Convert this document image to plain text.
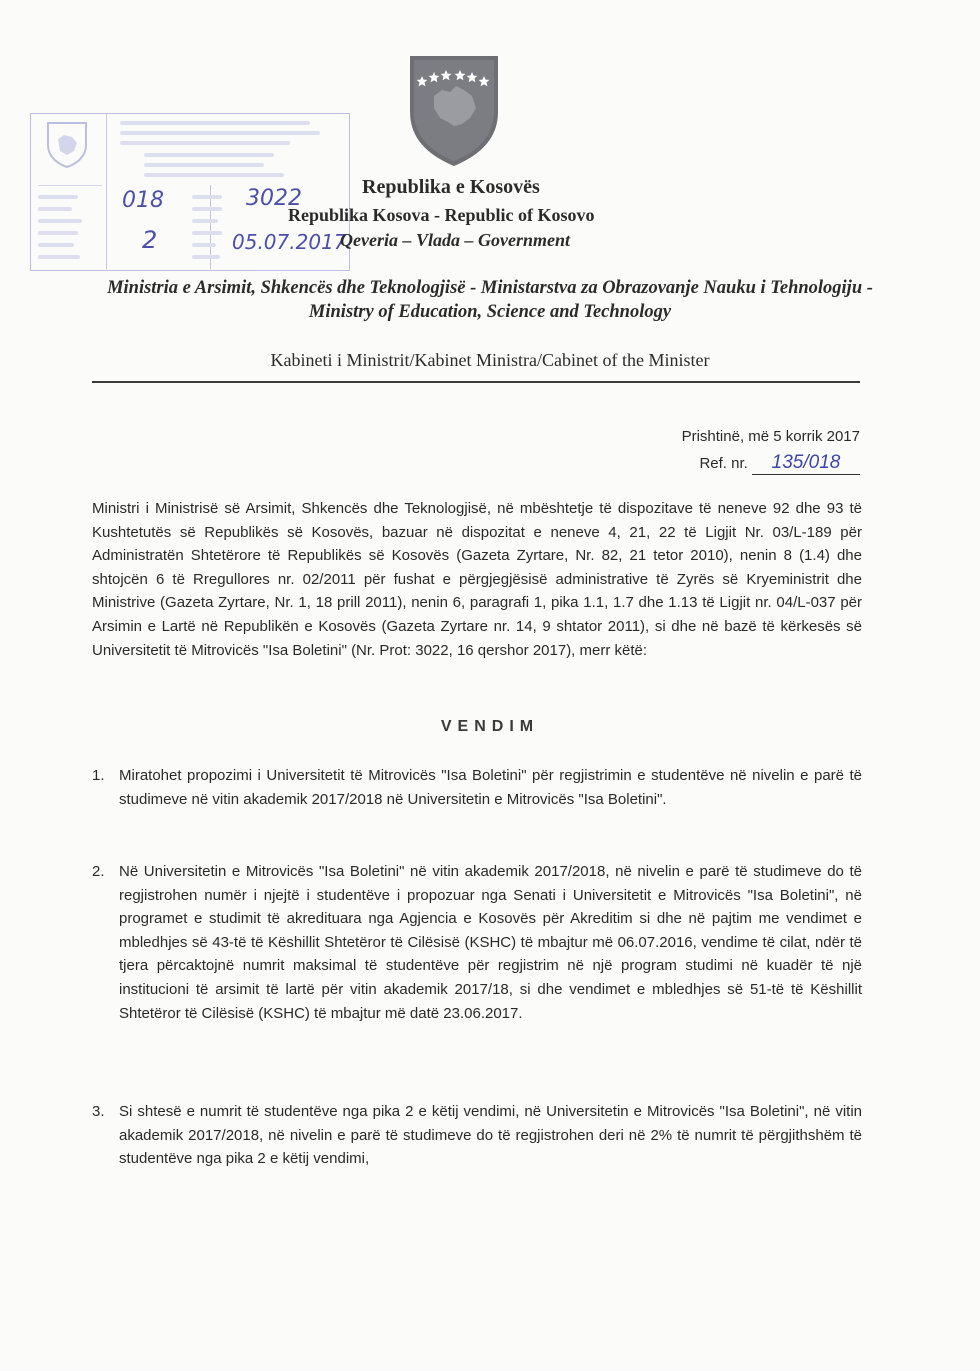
018	3022
2	05.07.2017
Republika e Kosovës
Republika Kosova - Republic of Kosovo
Qeveria – Vlada – Government
Ministria e Arsimit, Shkencës dhe Teknologjisë - Ministarstva za Obrazovanje Nauku i Tehnologiju - Ministry of Education, Science and Technology
Kabineti i Ministrit/Kabinet Ministra/Cabinet of the Minister
Prishtinë, më 5 korrik 2017
Ref. nr. 135/018
Ministri i Ministrisë së Arsimit, Shkencës dhe Teknologjisë, në mbështetje të dispozitave të neneve 92 dhe 93 të Kushtetutës së Republikës së Kosovës, bazuar në dispozitat e neneve 4, 21, 22 të Ligjit Nr. 03/L-189 për Administratën Shtetërore të Republikës së Kosovës (Gazeta Zyrtare, Nr. 82, 21 tetor 2010), nenin 8 (1.4) dhe shtojcën 6 të Rregullores nr. 02/2011 për fushat e përgjegjësisë administrative të Zyrës së Kryeministrit dhe Ministrive (Gazeta Zyrtare, Nr. 1, 18 prill 2011), nenin 6, paragrafi 1, pika 1.1, 1.7 dhe 1.13 të Ligjit nr. 04/L-037 për Arsimin e Lartë në Republikën e Kosovës (Gazeta Zyrtare nr. 14, 9 shtator 2011), si dhe në bazë të kërkesës së Universitetit të Mitrovicës "Isa Boletini" (Nr. Prot: 3022, 16 qershor 2017), merr këtë:
VENDIM
1. Miratohet propozimi i Universitetit të Mitrovicës "Isa Boletini" për regjistrimin e studentëve në nivelin e parë të studimeve në vitin akademik 2017/2018 në Universitetin e Mitrovicës "Isa Boletini".
2. Në Universitetin e Mitrovicës "Isa Boletini" në vitin akademik 2017/2018, në nivelin e parë të studimeve do të regjistrohen numër i njejtë i studentëve i propozuar nga Senati i Universitetit e Mitrovicës "Isa Boletini", në programet e studimit të akredituara nga Agjencia e Kosovës për Akreditim si dhe në pajtim me vendimet e mbledhjes së 43-të të Këshillit Shtetëror të Cilësisë (KSHC) të mbajtur më 06.07.2016, vendime të cilat, ndër të tjera përcaktojnë numrit maksimal të studentëve për regjistrim në një program studimi në kuadër të një institucioni të arsimit të lartë për vitin akademik 2017/18, si dhe vendimet e mbledhjes së 51-të të Këshillit Shtetëror të Cilësisë (KSHC) të mbajtur më datë 23.06.2017.
3. Si shtesë e numrit të studentëve nga pika 2 e këtij vendimi, në Universitetin e Mitrovicës "Isa Boletini", në vitin akademik 2017/2018, në nivelin e parë të studimeve do të regjistrohen deri në 2% të numrit të përgjithshëm të studentëve nga pika 2 e këtij vendimi,
